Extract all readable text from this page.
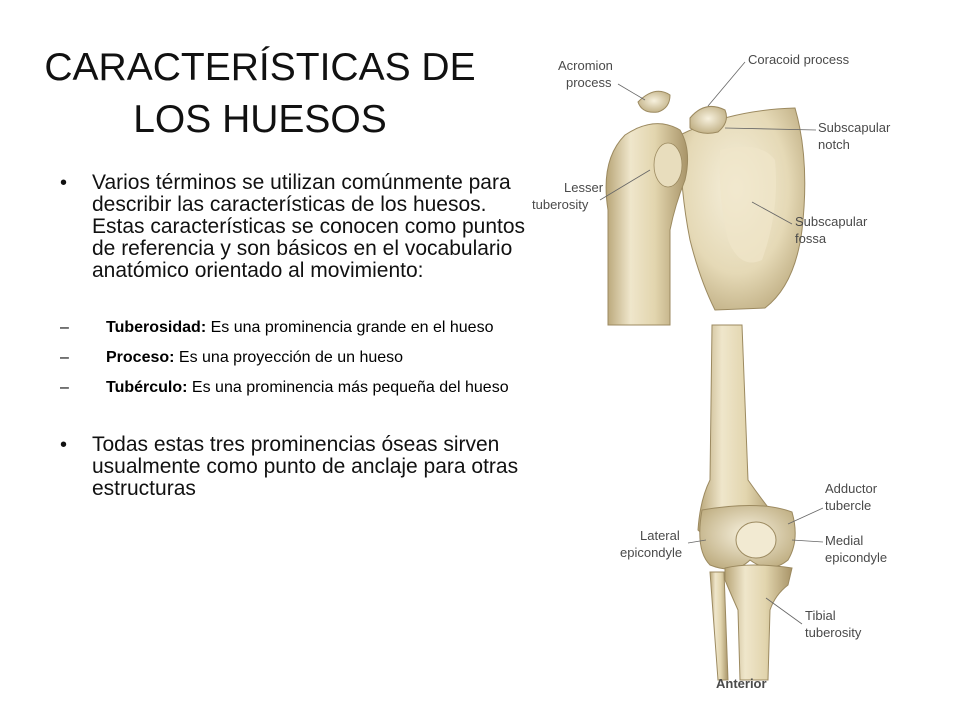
CARACTERÍSTICAS DE
LOS HUESOS
• Varios términos se utilizan comúnmente para describir las características de los huesos. Estas características se conocen como puntos de referencia y son básicos en el vocabulario anatómico orientado al movimiento:
– Tuberosidad: Es una prominencia grande en el hueso
– Proceso: Es una proyección de un hueso
– Tubérculo: Es una prominencia más pequeña del hueso
• Todas estas tres prominencias óseas sirven usualmente como punto de anclaje para otras estructuras
Acromion
process
Coracoid process
Subscapular
notch
Lesser
tuberosity
Subscapular
fossa
Adductor
tubercle
Lateral
epicondyle
Medial
epicondyle
Tibial
tuberosity
Anterior
